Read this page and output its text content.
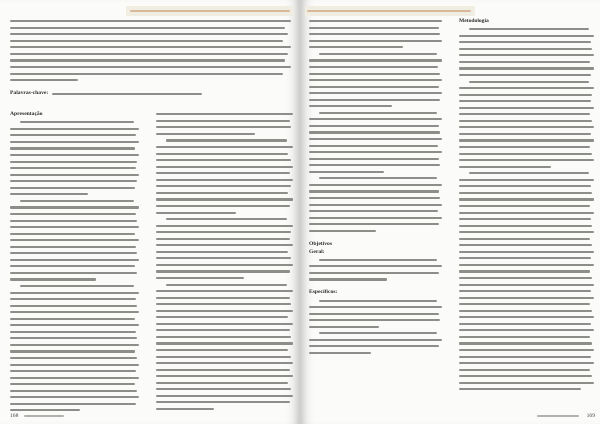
Palavras-chave:
Apresentação
168
Objetivos
Geral:
Específicos:
Metodologia
169
